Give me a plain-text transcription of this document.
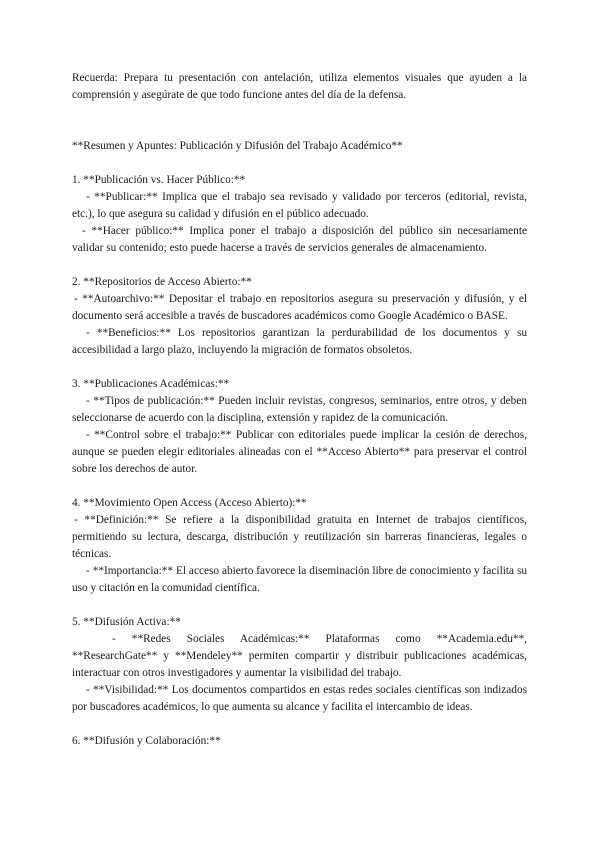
Recuerda: Prepara tu presentación con antelación, utiliza elementos visuales que ayuden a la comprensión y asegúrate de que todo funcione antes del día de la defensa.

**Resumen y Apuntes: Publicación y Difusión del Trabajo Académico**

1. **Publicación vs. Hacer Público:**

- **Publicar:** Implica que el trabajo sea revisado y validado por terceros (editorial, revista, etc.), lo que asegura su calidad y difusión en el público adecuado.

- **Hacer público:** Implica poner el trabajo a disposición del público sin necesariamente validar su contenido; esto puede hacerse a través de servicios generales de almacenamiento.

2. **Repositorios de Acceso Abierto:**

- **Autoarchivo:** Depositar el trabajo en repositorios asegura su preservación y difusión, y el documento será accesible a través de buscadores académicos como Google Académico o BASE.

- **Beneficios:** Los repositorios garantizan la perdurabilidad de los documentos y su accesibilidad a largo plazo, incluyendo la migración de formatos obsoletos.

3. **Publicaciones Académicas:**

- **Tipos de publicación:** Pueden incluir revistas, congresos, seminarios, entre otros, y deben seleccionarse de acuerdo con la disciplina, extensión y rapidez de la comunicación.

- **Control sobre el trabajo:** Publicar con editoriales puede implicar la cesión de derechos, aunque se pueden elegir editoriales alineadas con el **Acceso Abierto** para preservar el control sobre los derechos de autor.

4. **Movimiento Open Access (Acceso Abierto):**

- **Definición:** Se refiere a la disponibilidad gratuita en Internet de trabajos científicos, permitiendo su lectura, descarga, distribución y reutilización sin barreras financieras, legales o técnicas.

- **Importancia:** El acceso abierto favorece la diseminación libre de conocimiento y facilita su uso y citación en la comunidad científica.

5. **Difusión Activa:**

- **Redes Sociales Académicas:** Plataformas como **Academia.edu**, **ResearchGate** y **Mendeley** permiten compartir y distribuir publicaciones académicas, interactuar con otros investigadores y aumentar la visibilidad del trabajo.

- **Visibilidad:** Los documentos compartidos en estas redes sociales científicas son indizados por buscadores académicos, lo que aumenta su alcance y facilita el intercambio de ideas.

6. **Difusión y Colaboración:**
